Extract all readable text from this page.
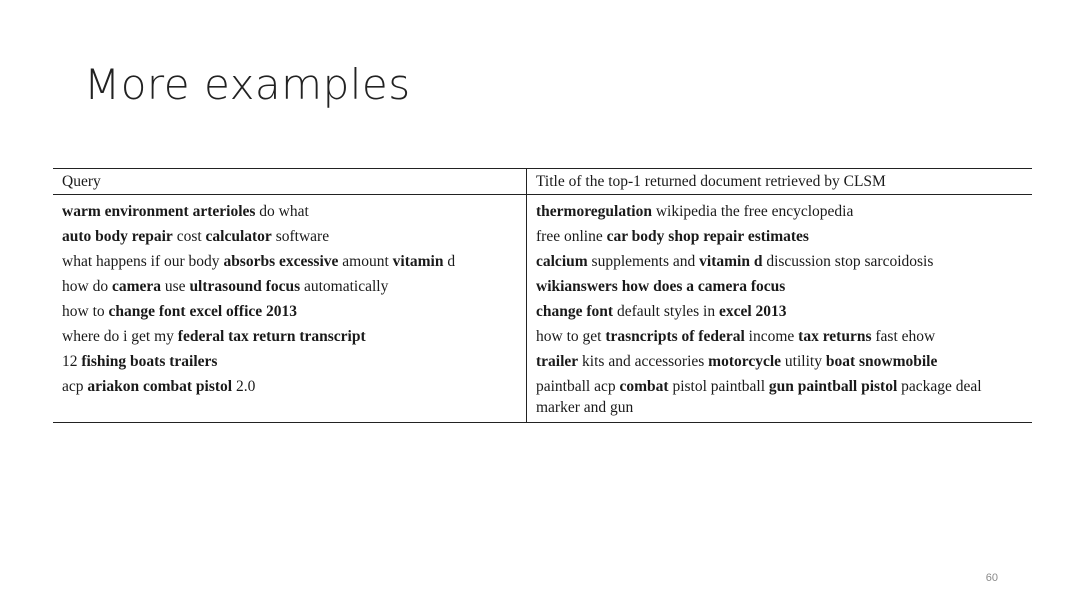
More examples
Query	Title of the top-1 returned document retrieved by CLSM
warm environment arterioles do what	thermoregulation wikipedia the free encyclopedia
auto body repair cost calculator software	free online car body shop repair estimates
what happens if our body absorbs excessive amount vitamin d	calcium supplements and vitamin d discussion stop sarcoidosis
how do camera use ultrasound focus automatically	wikianswers how does a camera focus
how to change font excel office 2013	change font default styles in excel 2013
where do i get my federal tax return transcript	how to get trasncripts of federal income tax returns fast ehow
12 fishing boats trailers	trailer kits and accessories motorcycle utility boat snowmobile
acp ariakon combat pistol 2.0	paintball acp combat pistol paintball gun paintball pistol package deal marker and gun
60
